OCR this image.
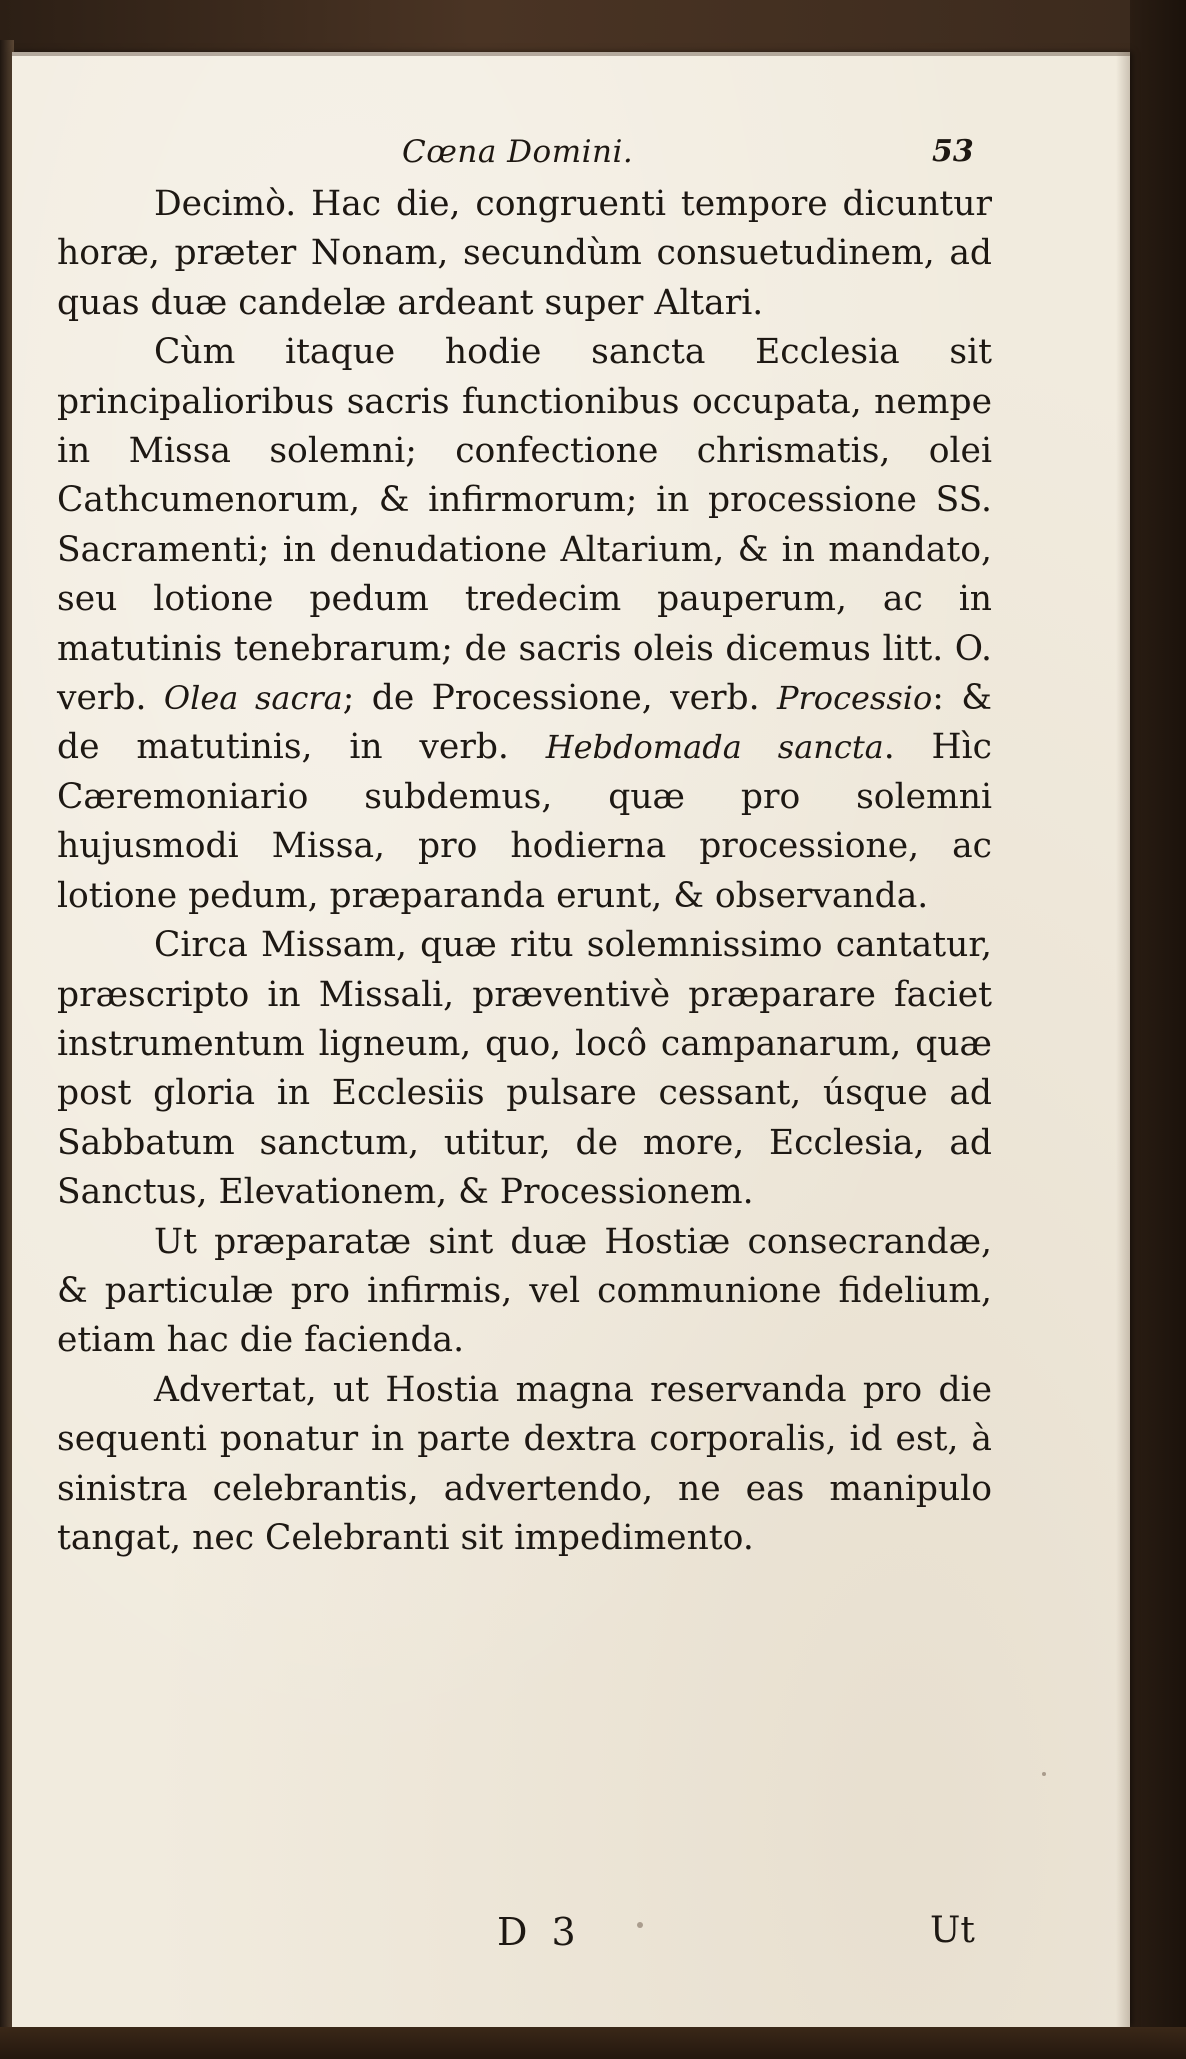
Cœna Domini.	53

Decimò. Hac die, congruenti tempore dicuntur horæ, præter Nonam, secundùm consuetudinem, ad quas duæ candelæ ardeant super Altari.

Cùm itaque hodie sancta Ecclesia sit principalioribus sacris functionibus occupata, nempe in Missa solemni; confectione chrismatis, olei Cathcumenorum, & infirmorum; in processione SS. Sacramenti; in denudatione Altarium, & in mandato, seu lotione pedum tredecim pauperum, ac in matutinis tenebrarum; de sacris oleis dicemus litt. O. verb. Olea sacra; de Processione, verb. Processio: & de matutinis, in verb. Hebdomada sancta. Hìc Cæremoniario subdemus, quæ pro solemni hujusmodi Missa, pro hodierna processione, ac lotione pedum, præparanda erunt, & observanda.

Circa Missam, quæ ritu solemnissimo cantatur, præscripto in Missali, præventivè præparare faciet instrumentum ligneum, quo, locô campanarum, quæ post gloria in Ecclesiis pulsare cessant, úsque ad Sabbatum sanctum, utitur, de more, Ecclesia, ad Sanctus, Elevationem, & Processionem.

Ut præparatæ sint duæ Hostiæ consecrandæ, & particulæ pro infirmis, vel communione fidelium, etiam hac die facienda.

Advertat, ut Hostia magna reservanda pro die sequenti ponatur in parte dextra corporalis, id est, à sinistra celebrantis, advertendo, ne eas manipulo tangat, nec Celebranti sit impedimento.

D 3	Ut
